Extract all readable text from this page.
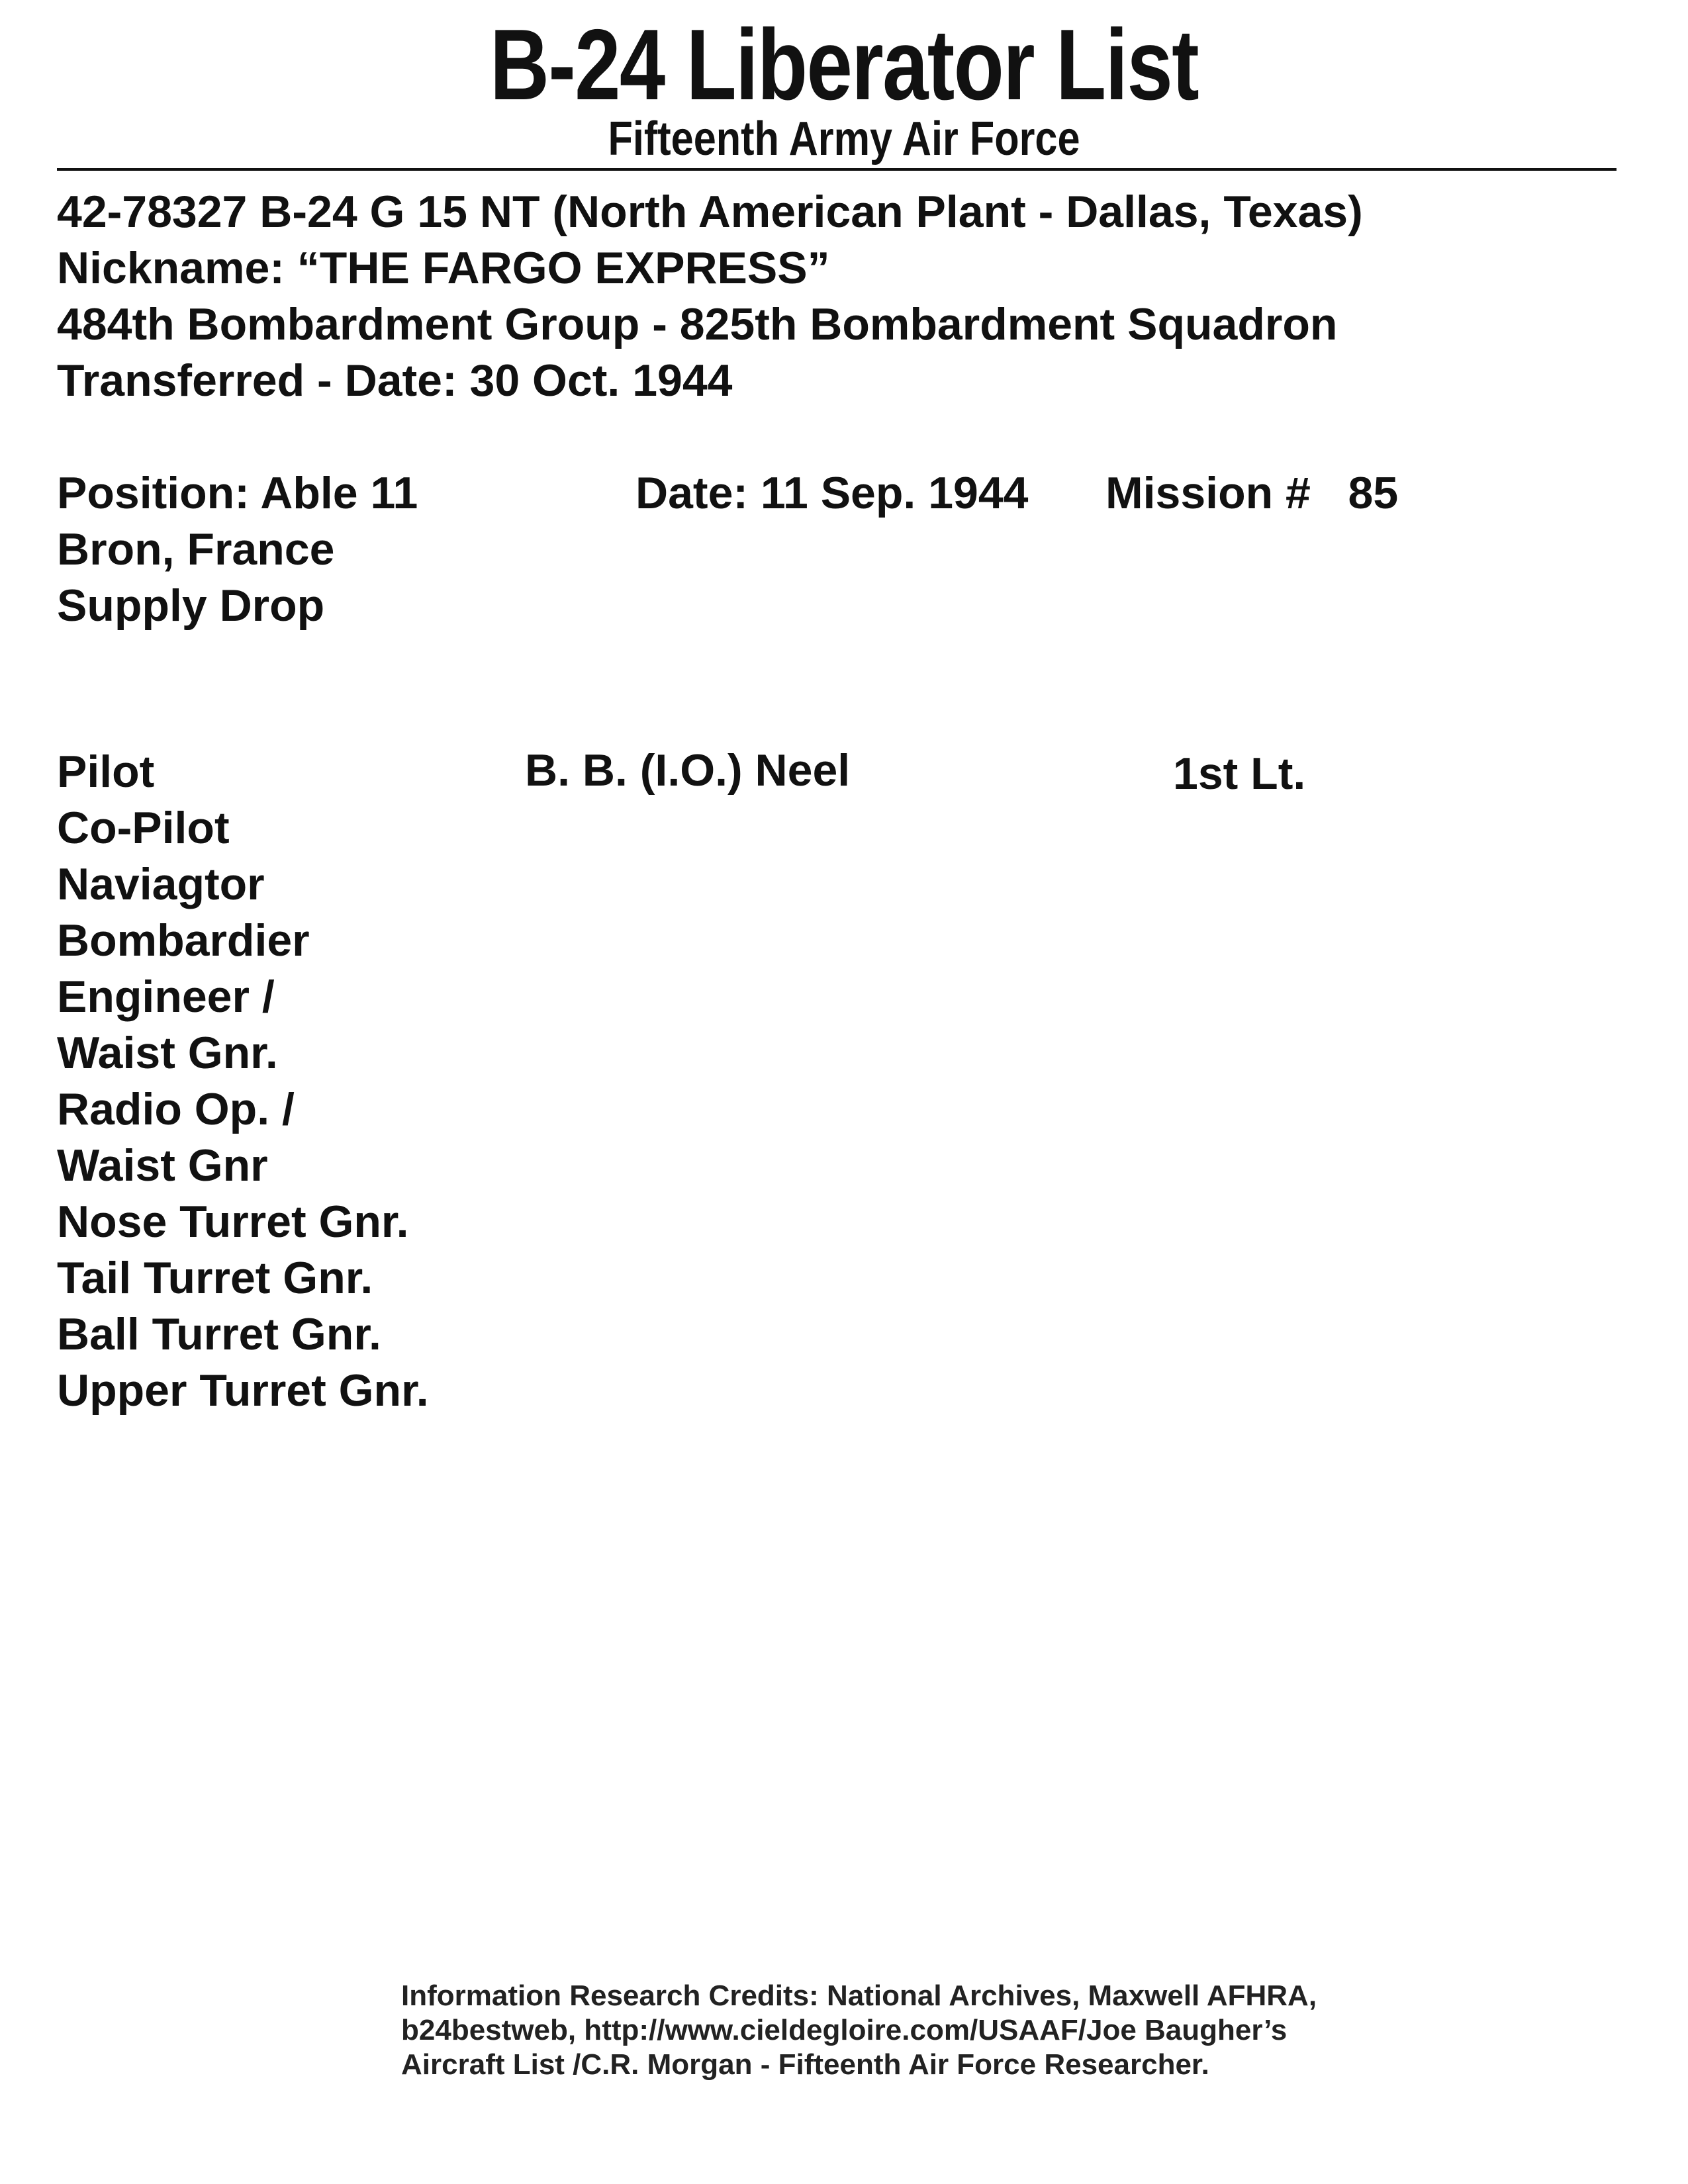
B-24 Liberator List
Fifteenth Army Air Force

42-78327 B-24 G 15 NT (North American Plant - Dallas, Texas)

Nickname: “THE FARGO EXPRESS”

484th Bombardment Group - 825th Bombardment Squadron

Transferred - Date: 30 Oct. 1944

Position: Able 11	Date: 11 Sep. 1944 Mission #   85

Bron, France

Supply Drop

Pilot
Co-Pilot
Naviagtor
Bombardier
Engineer /
Waist Gnr.
Radio Op. /
Waist Gnr
Nose Turret Gnr.
Tail Turret Gnr.
Ball Turret Gnr.
Upper Turret Gnr.

B. B. (I.O.) Neel	1st Lt.

Information Research Credits: National Archives, Maxwell AFHRA,
b24bestweb, http://www.cieldegloire.com/USAAF/Joe Baugher’s
Aircraft List /C.R. Morgan - Fifteenth Air Force Researcher.
